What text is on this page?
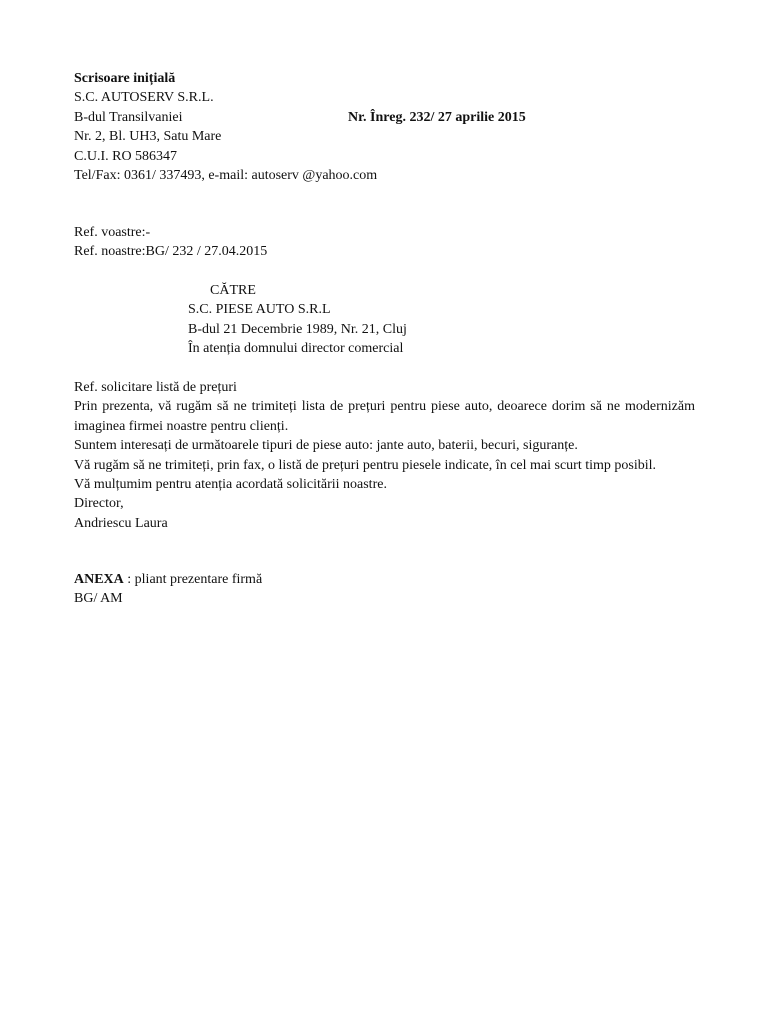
Scrisoare inițială
S.C. AUTOSERV S.R.L.
B-dul Transilvaniei
Nr. 2, Bl. UH3, Satu Mare
C.U.I. RO 586347
Tel/Fax: 0361/ 337493, e-mail: autoserv @yahoo.com
Nr. Înreg. 232/ 27 aprilie 2015
Ref. voastre:-
Ref. noastre:BG/ 232 / 27.04.2015
CĂTRE
S.C. PIESE AUTO S.R.L
B-dul 21 Decembrie 1989, Nr. 21, Cluj
În atenția domnului director comercial
Ref. solicitare listă de prețuri
Prin prezenta, vă rugăm să ne trimiteți lista de prețuri pentru piese auto, deoarece dorim să ne modernizăm imaginea firmei noastre pentru clienți.
Suntem interesați de următoarele tipuri de piese auto: jante auto, baterii, becuri, siguranțe.
Vă rugăm să ne trimiteți, prin fax, o listă de prețuri pentru piesele indicate, în cel mai scurt timp posibil.
Vă mulțumim pentru atenția acordată solicitării noastre.
Director,
Andriescu Laura
ANEXA : pliant prezentare firmă
BG/ AM
